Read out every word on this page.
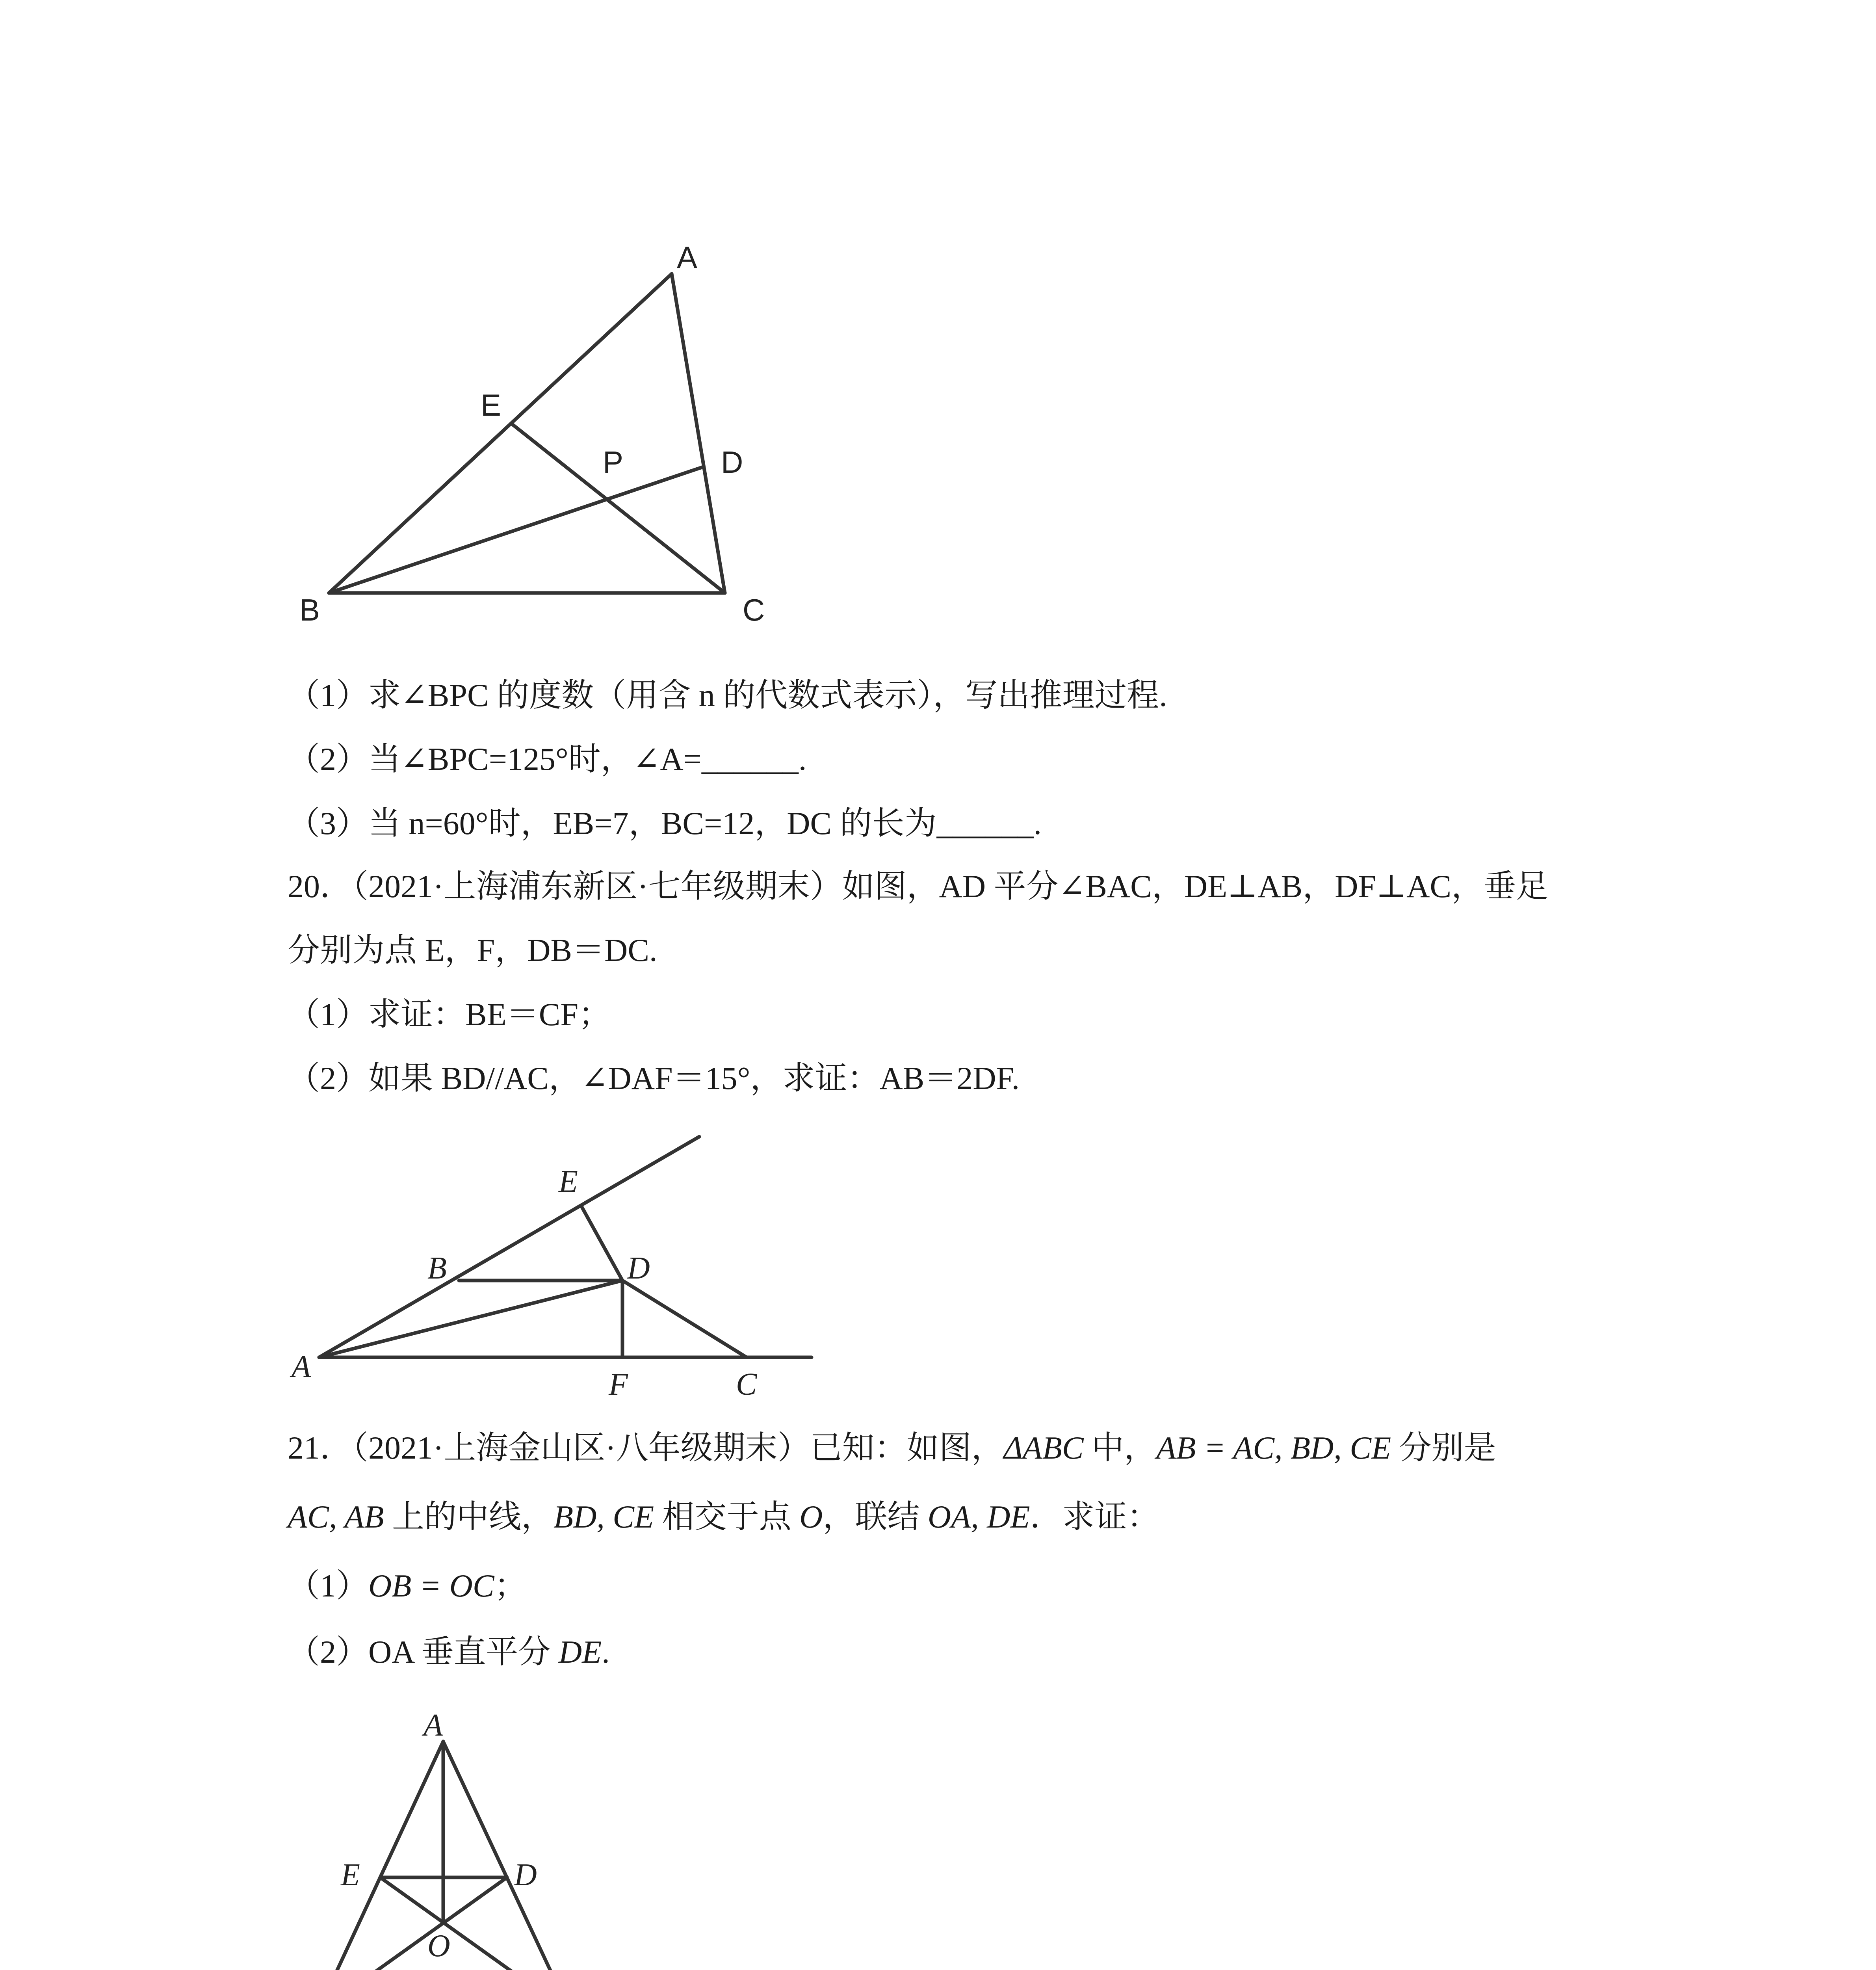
A
E
P	D
B	C
（1）求∠BPC 的度数（用含 n 的代数式表示），写出推理过程.
（2）当∠BPC=125°时，∠A=______.
（3）当 n=60°时，EB=7，BC=12，DC 的长为______.
20．（2021·上海浦东新区·七年级期末）如图，AD 平分∠BAC，DE⊥AB，DF⊥AC，垂足
分别为点 E，F，DB＝DC.
（1）求证：BE＝CF；
（2）如果 BD//AC，∠DAF＝15°，求证：AB＝2DF.
E
B	D
A
F	C
21．（2021·上海金山区·八年级期末）已知：如图，ΔABC 中，AB = AC, BD, CE 分别是
AC, AB 上的中线，BD, CE 相交于点 O，联结 OA, DE．求证：
（1）OB = OC；
（2）OA 垂直平分 DE.
A
E	D
O
